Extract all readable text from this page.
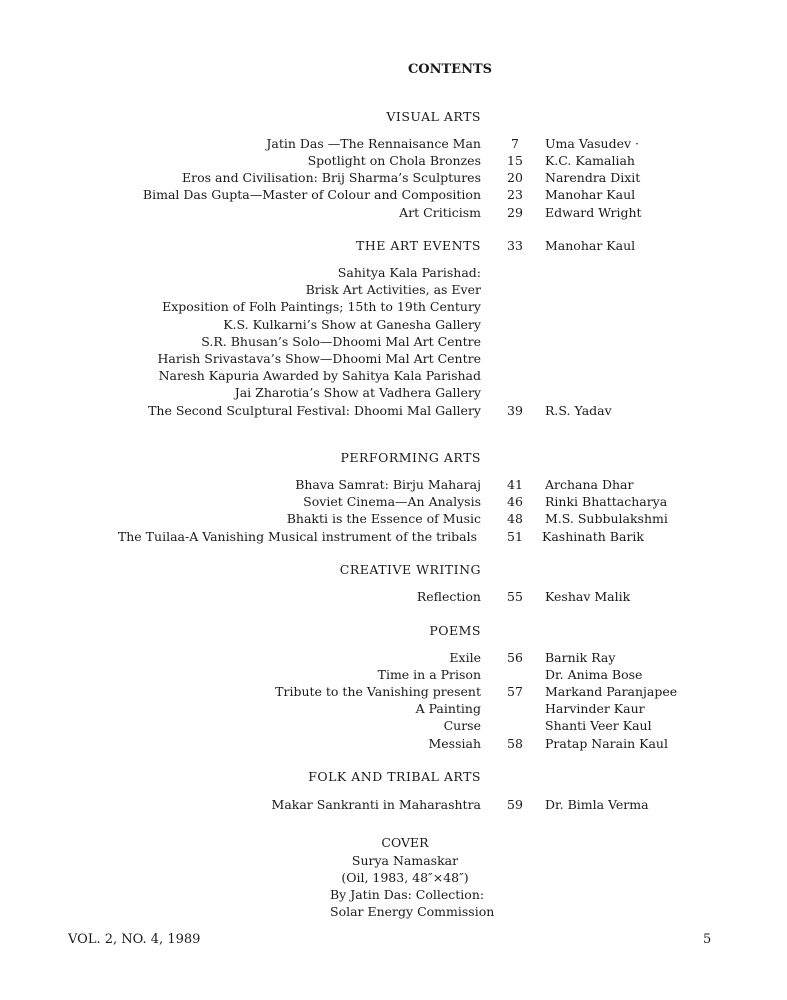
CONTENTS
VISUAL ARTS
Jatin Das —The Rennaisance Man	7	Uma Vasudev ·
Spotlight on Chola Bronzes	15	K.C. Kamaliah
Eros and Civilisation: Brij Sharma’s Sculptures	20	Narendra Dixit
Bimal Das Gupta—Master of Colour and Composition	23	Manohar Kaul
Art Criticism	29	Edward Wright
THE ART EVENTS	33	Manohar Kaul
Sahitya Kala Parishad:
Brisk Art Activities, as Ever
Exposition of Folh Paintings; 15th to 19th Century
K.S. Kulkarni’s Show at Ganesha Gallery
S.R. Bhusan’s Solo—Dhoomi Mal Art Centre
Harish Srivastava’s Show—Dhoomi Mal Art Centre
Naresh Kapuria Awarded by Sahitya Kala Parishad
Jai Zharotia’s Show at Vadhera Gallery
The Second Sculptural Festival: Dhoomi Mal Gallery	39	R.S. Yadav
PERFORMING ARTS
Bhava Samrat: Birju Maharaj	41	Archana Dhar
Soviet Cinema—An Analysis	46	Rinki Bhattacharya
Bhakti is the Essence of Music	48	M.S. Subbulakshmi
The Tuilaa-A Vanishing Musical instrument of the tribals	51	Kashinath Barik
CREATIVE WRITING
Reflection	55	Keshav Malik
POEMS
Exile	56	Barnik Ray
Time in a Prison	Dr. Anima Bose
Tribute to the Vanishing present	57	Markand Paranjapee
A Painting	Harvinder Kaur
Curse	Shanti Veer Kaul
Messiah	58	Pratap Narain Kaul
FOLK AND TRIBAL ARTS
Makar Sankranti in Maharashtra	59	Dr. Bimla Verma
COVER
Surya Namaskar
(Oil, 1983, 48″×48″)
By Jatin Das: Collection:
Solar Energy Commission
VOL. 2, NO. 4, 1989	5
